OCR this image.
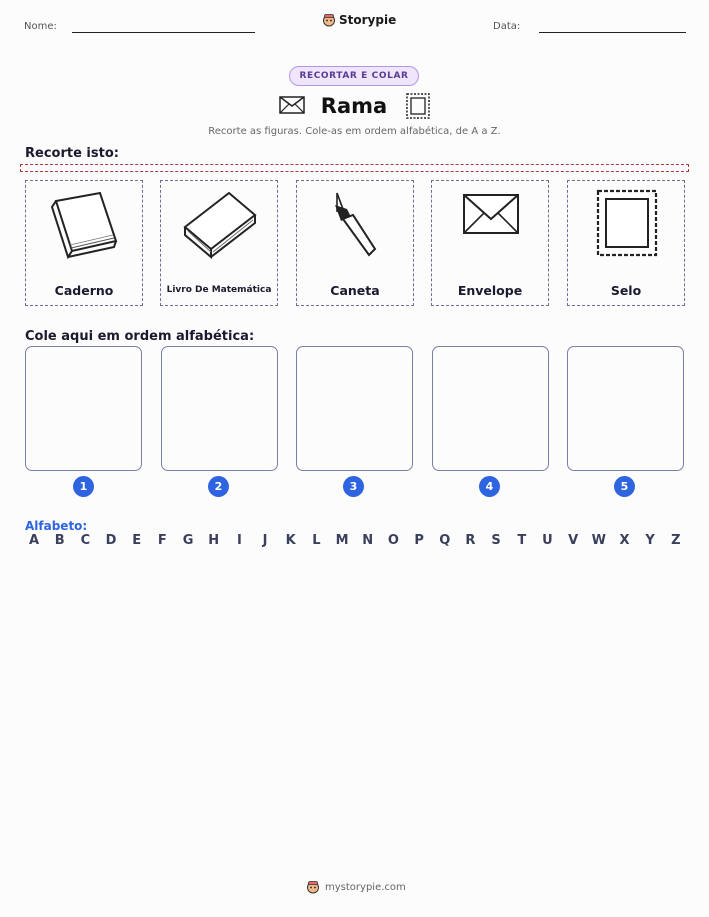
Nome:	Storypie	Data:
RECORTAR E COLAR
Rama
Recorte as figuras. Cole-as em ordem alfabética, de A a Z.
Recorte isto:
Caderno	Livro De Matemática	Caneta	Envelope	Selo
Cole aqui em ordem alfabética:
1	2	3	4	5
Alfabeto:
A	B	C	D	E	F	G H	I	J	K	L	M N O	P	Q	R	S	T	U	V	W	X	Y	Z
mystorypie.com
